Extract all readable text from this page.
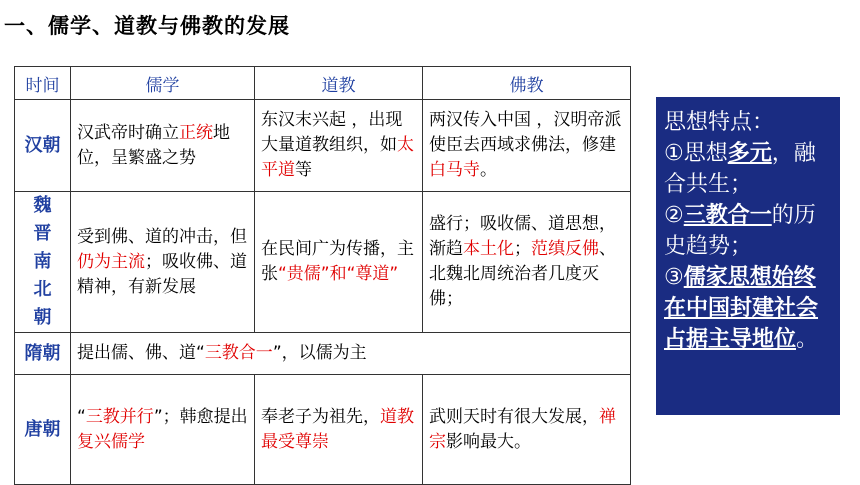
一、儒学、道教与佛教的发展
时间	儒学	道教	佛教
汉朝	汉武帝时确立正统地位，呈繁盛之势	东汉末兴起 ，出现大量道教组织，如太平道等	两汉传入中国 ，汉明帝派使臣去西域求佛法，修建白马寺。
魏晋南北朝	受到佛、道的冲击，但仍为主流；吸收佛、道精神，有新发展	在民间广为传播，主张“贵儒”和“尊道”	盛行；吸收儒、道思想，渐趋本土化；范缜反佛、北魏北周统治者几度灭佛；
隋朝	提出儒、佛、道“三教合一”，以儒为主		
唐朝	“三教并行”；韩愈提出复兴儒学	奉老子为祖先，道教最受尊崇	武则天时有很大发展，禅宗影响最大。
思想特点：
①思想多元，融合共生；
②三教合一的历史趋势；
③儒家思想始终在中国封建社会占据主导地位。
